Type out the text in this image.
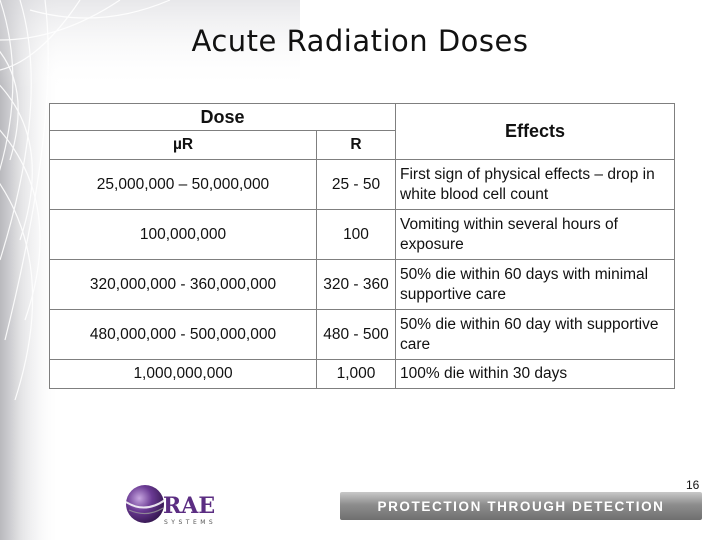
Acute Radiation Doses
Dose		Effects
µR	R	
25,000,000 – 50,000,000	25 - 50	First sign of physical effects – drop in white blood cell count
100,000,000	100	Vomiting within several hours of exposure
320,000,000 - 360,000,000	320 - 360	50% die within 60 days with minimal supportive care
480,000,000 - 500,000,000	480 - 500	50% die within 60 day with supportive care
1,000,000,000	1,000	100% die within 30 days
16
RAE
SYSTEMS
PROTECTION THROUGH DETECTION
